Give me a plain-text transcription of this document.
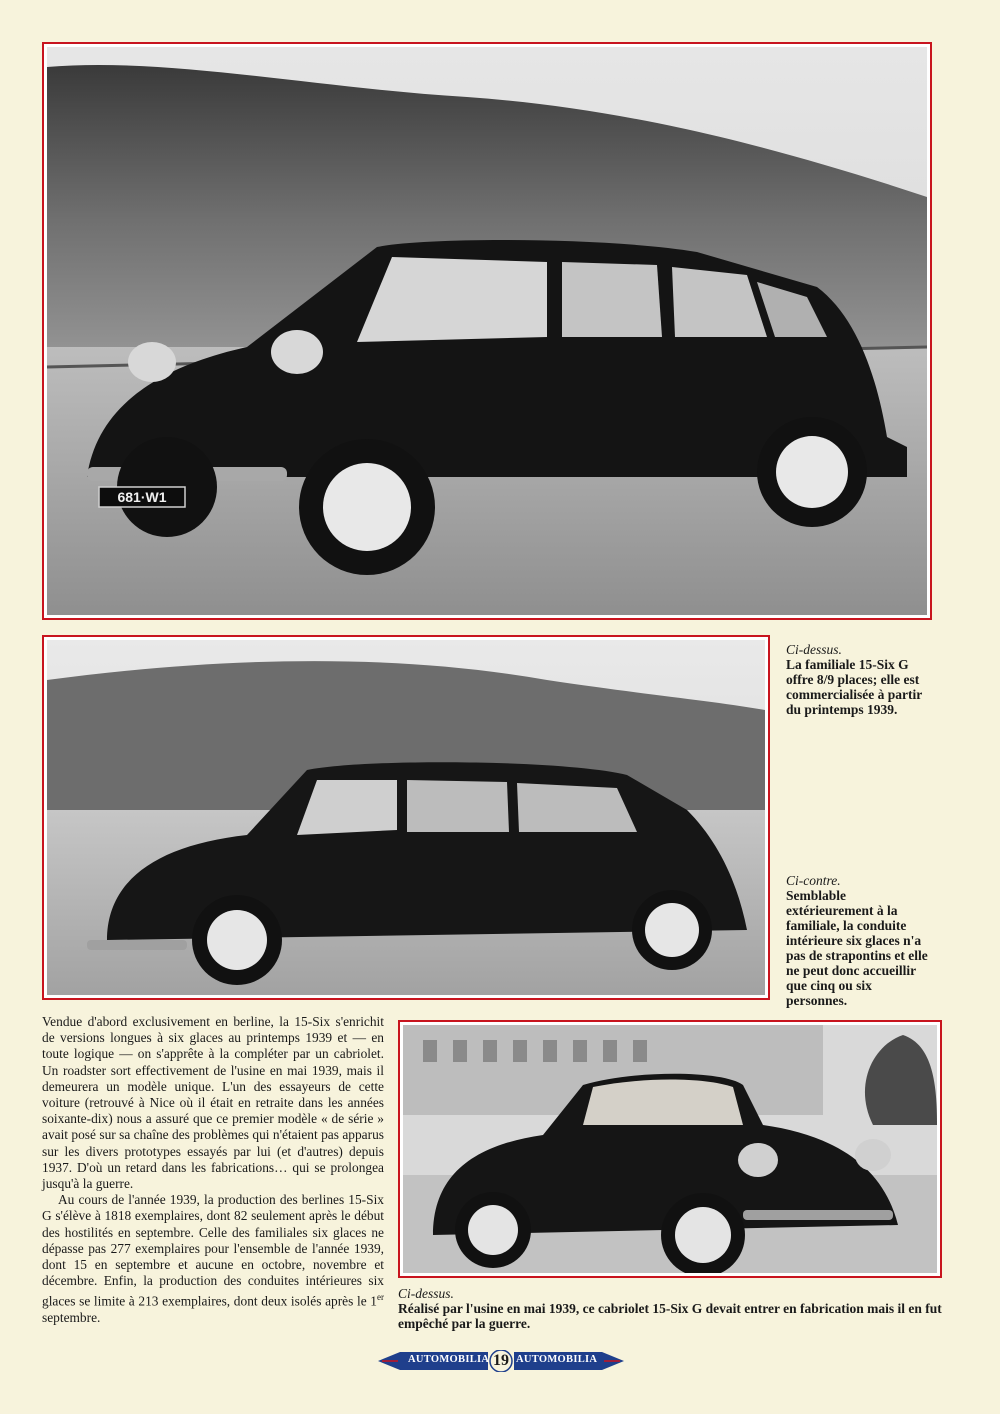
681·W1
Ci-dessus.
La familiale 15-Six G offre 8/9 places; elle est commercialisée à partir du printemps 1939.
Ci-contre.
Semblable extérieurement à la familiale, la conduite intérieure six glaces n'a pas de strapontins et elle ne peut donc accueillir que cinq ou six personnes.

Vendue d'abord exclusivement en berline, la 15-Six s'enrichit de versions longues à six glaces au printemps 1939 et — en toute logique — on s'apprête à la compléter par un cabriolet. Un roadster sort effectivement de l'usine en mai 1939, mais il demeurera un modèle unique. L'un des essayeurs de cette voiture (retrouvé à Nice où il était en retraite dans les années soixante-dix) nous a assuré que ce premier modèle « de série » avait posé sur sa chaîne des problèmes qui n'étaient pas apparus sur les divers prototypes essayés par lui (et d'autres) depuis 1937. D'où un retard dans les fabrications… qui se prolongea jusqu'à la guerre.

Au cours de l'année 1939, la production des berlines 15-Six G s'élève à 1818 exemplaires, dont 82 seulement après le début des hostilités en septembre. Celle des familiales six glaces ne dépasse pas 277 exemplaires pour l'ensemble de l'année 1939, dont 15 en septembre et aucune en octobre, novembre et décembre. Enfin, la production des conduites intérieures six glaces se limite à 213 exemplaires, dont deux isolés après le 1er septembre.

Ci-dessus.
Réalisé par l'usine en mai 1939, ce cabriolet 15-Six G devait entrer en fabrication mais il en fut empêché par la guerre.
AUTOMOBILIA 19 AUTOMOBILIA
